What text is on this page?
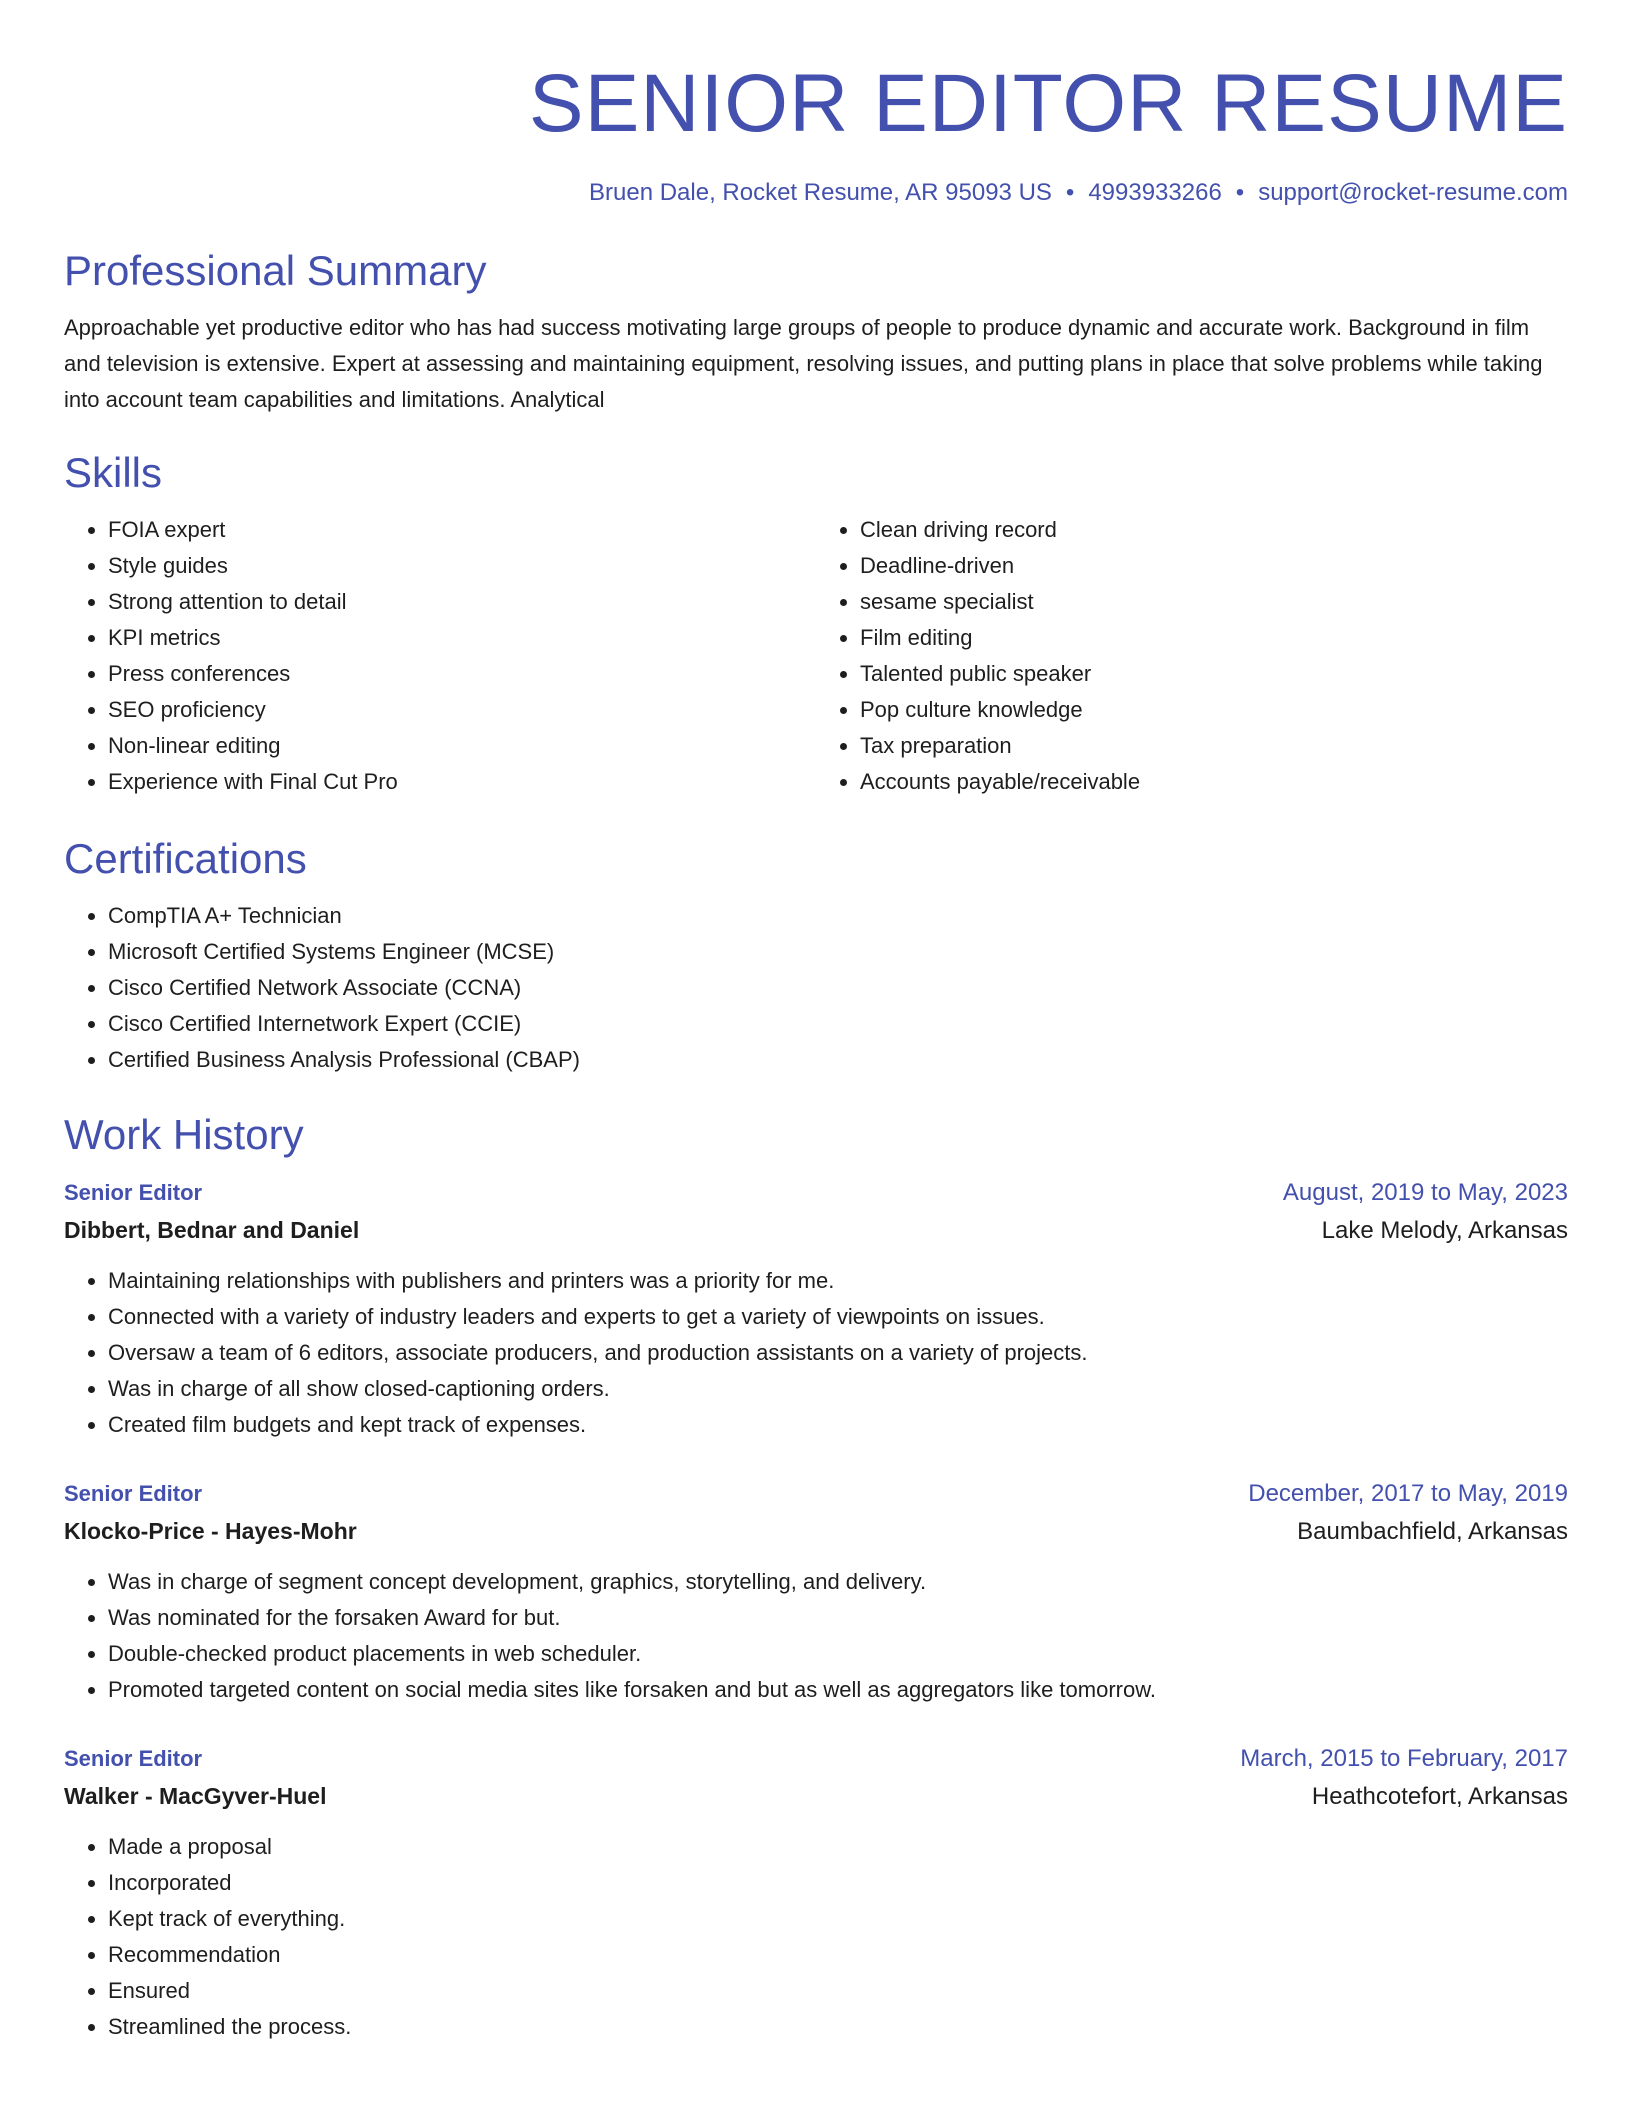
SENIOR EDITOR RESUME
Bruen Dale, Rocket Resume, AR 95093 US • 4993933266 • support@rocket-resume.com
Professional Summary

Approachable yet productive editor who has had success motivating large groups of people to produce dynamic and accurate work. Background in film and television is extensive. Expert at assessing and maintaining equipment, resolving issues, and putting plans in place that solve problems while taking into account team capabilities and limitations. Analytical

Skills
• FOIA expert
• Style guides
• Strong attention to detail
• KPI metrics
• Press conferences
• SEO proficiency
• Non-linear editing
• Experience with Final Cut Pro
• Clean driving record
• Deadline-driven
• sesame specialist
• Film editing
• Talented public speaker
• Pop culture knowledge
• Tax preparation
• Accounts payable/receivable
Certifications
• CompTIA A+ Technician
• Microsoft Certified Systems Engineer (MCSE)
• Cisco Certified Network Associate (CCNA)
• Cisco Certified Internetwork Expert (CCIE)
• Certified Business Analysis Professional (CBAP)
Work History
Senior Editor	August, 2019 to May, 2023
Dibbert, Bednar and Daniel	Lake Melody, Arkansas
• Maintaining relationships with publishers and printers was a priority for me.
• Connected with a variety of industry leaders and experts to get a variety of viewpoints on issues.
• Oversaw a team of 6 editors, associate producers, and production assistants on a variety of projects.
• Was in charge of all show closed-captioning orders.
• Created film budgets and kept track of expenses.
Senior Editor	December, 2017 to May, 2019
Klocko-Price - Hayes-Mohr	Baumbachfield, Arkansas
• Was in charge of segment concept development, graphics, storytelling, and delivery.
• Was nominated for the forsaken Award for but.
• Double-checked product placements in web scheduler.
• Promoted targeted content on social media sites like forsaken and but as well as aggregators like tomorrow.
Senior Editor	March, 2015 to February, 2017
Walker - MacGyver-Huel	Heathcotefort, Arkansas
• Made a proposal
• Incorporated
• Kept track of everything.
• Recommendation
• Ensured
• Streamlined the process.
